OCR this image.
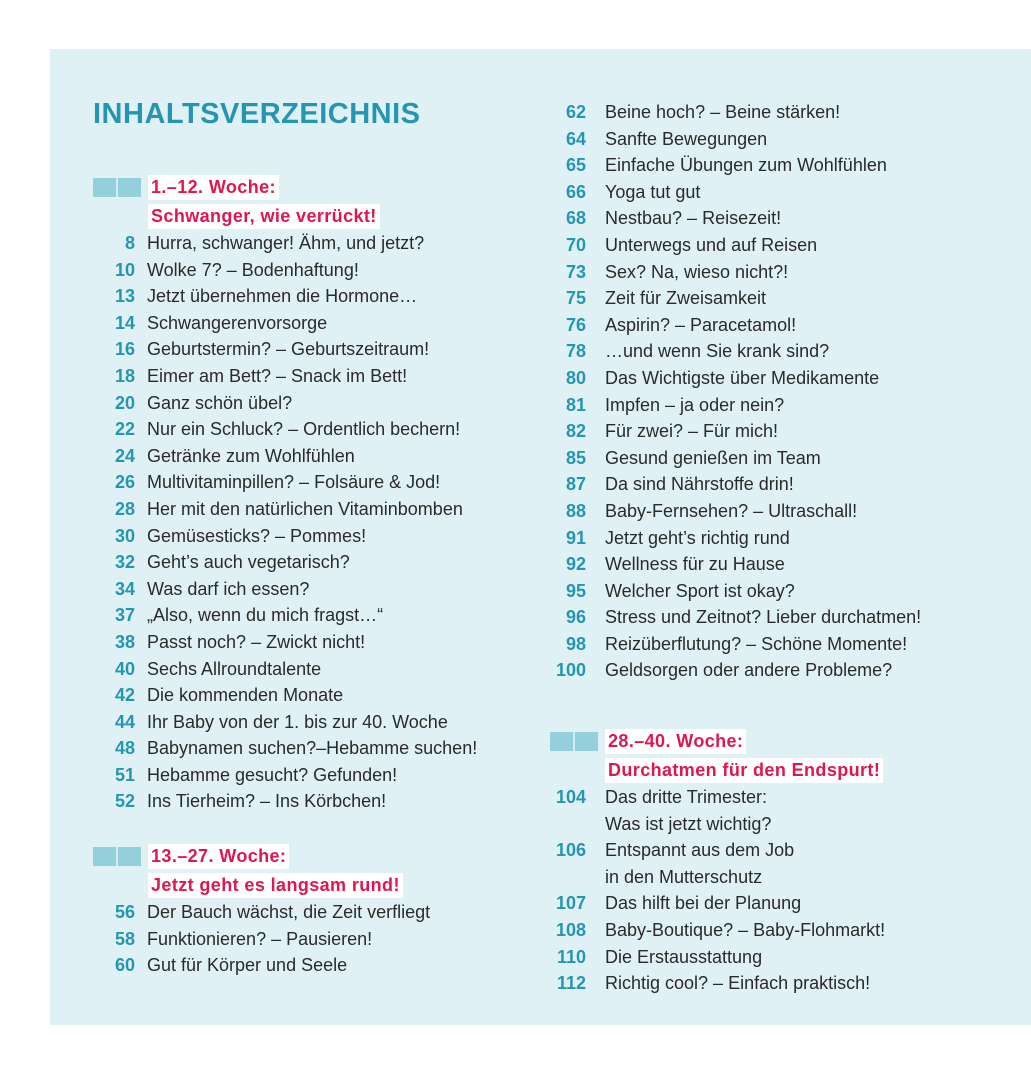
INHALTSVERZEICHNIS
1.–12. Woche:
Schwanger, wie verrückt!
8 Hurra, schwanger! Ähm, und jetzt?
10 Wolke 7? – Bodenhaftung!
13 Jetzt übernehmen die Hormone…
14 Schwangerenvorsorge
16 Geburtstermin? – Geburtszeitraum!
18 Eimer am Bett? – Snack im Bett!
20 Ganz schön übel?
22 Nur ein Schluck? – Ordentlich bechern!
24 Getränke zum Wohlfühlen
26 Multivitaminpillen? – Folsäure & Jod!
28 Her mit den natürlichen Vitaminbomben
30 Gemüsesticks? – Pommes!
32 Geht’s auch vegetarisch?
34 Was darf ich essen?
37 „Also, wenn du mich fragst…“
38 Passt noch? – Zwickt nicht!
40 Sechs Allroundtalente
42 Die kommenden Monate
44 Ihr Baby von der 1. bis zur 40. Woche
48 Babynamen suchen?–Hebamme suchen!
51 Hebamme gesucht? Gefunden!
52 Ins Tierheim? – Ins Körbchen!
13.–27. Woche:
Jetzt geht es langsam rund!
56 Der Bauch wächst, die Zeit verfliegt
58 Funktionieren? – Pausieren!
60 Gut für Körper und Seele
62	Beine hoch? – Beine stärken!
64	Sanfte Bewegungen
65	Einfache Übungen zum Wohlfühlen
66	Yoga tut gut
68	Nestbau? – Reisezeit!
70	Unterwegs und auf Reisen
73	Sex? Na, wieso nicht?!
75	Zeit für Zweisamkeit
76	Aspirin? – Paracetamol!
78	…und wenn Sie krank sind?
80	Das Wichtigste über Medikamente
81	Impfen – ja oder nein?
82	Für zwei? – Für mich!
85	Gesund genießen im Team
87	Da sind Nährstoffe drin!
88	Baby-Fernsehen? – Ultraschall!
91	Jetzt geht’s richtig rund
92	Wellness für zu Hause
95	Welcher Sport ist okay?
96	Stress und Zeitnot? Lieber durchatmen!
98	Reizüberflutung? – Schöne Momente!
100	Geldsorgen oder andere Probleme?
28.–40. Woche:
Durchatmen für den Endspurt!
104	Das dritte Trimester:
Was ist jetzt wichtig?
106	Entspannt aus dem Job
in den Mutterschutz
107	Das hilft bei der Planung
108	Baby-Boutique? – Baby-Flohmarkt!
110	Die Erstausstattung
112	Richtig cool? – Einfach praktisch!
